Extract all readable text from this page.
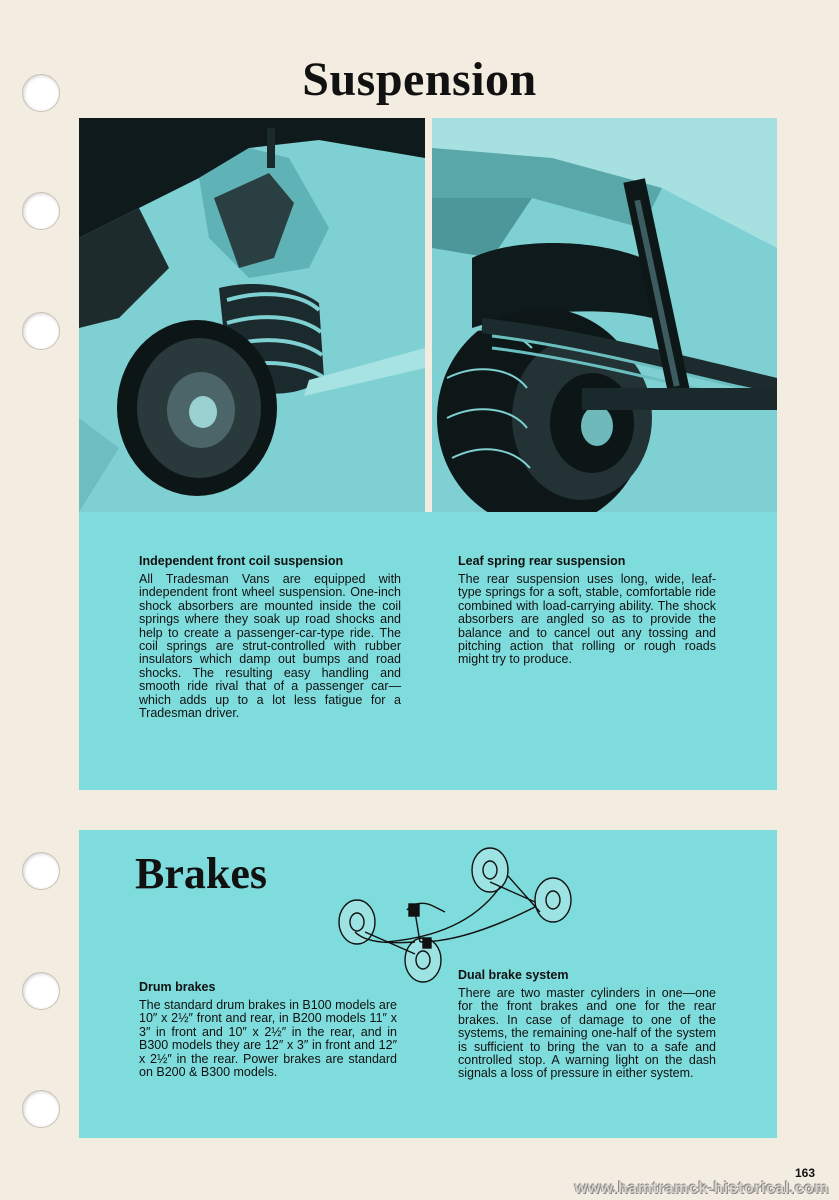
Suspension
Independent front coil suspension
All Tradesman Vans are equipped with independent front wheel suspension. One-inch shock absorbers are mounted inside the coil springs where they soak up road shocks and help to create a passenger-car-type ride. The coil springs are strut-controlled with rubber insulators which damp out bumps and road shocks. The resulting easy handling and smooth ride rival that of a passenger car—which adds up to a lot less fatigue for a Tradesman driver.
Leaf spring rear suspension
The rear suspension uses long, wide, leaf-type springs for a soft, stable, comfortable ride combined with load-carrying ability. The shock absorbers are angled so as to provide the balance and to cancel out any tossing and pitching action that rolling or rough roads might try to produce.
Brakes
Drum brakes
The standard drum brakes in B100 models are 10″ x 2½″ front and rear, in B200 models 11″ x 3″ in front and 10″ x 2½″ in the rear, and in B300 models they are 12″ x 3″ in front and 12″ x 2½″ in the rear. Power brakes are standard on B200 & B300 models.
Dual brake system
There are two master cylinders in one—one for the front brakes and one for the rear brakes. In case of damage to one of the systems, the remaining one-half of the system is sufficient to bring the van to a safe and controlled stop. A warning light on the dash signals a loss of pressure in either system.
163
www.hamtramck-historical.com
